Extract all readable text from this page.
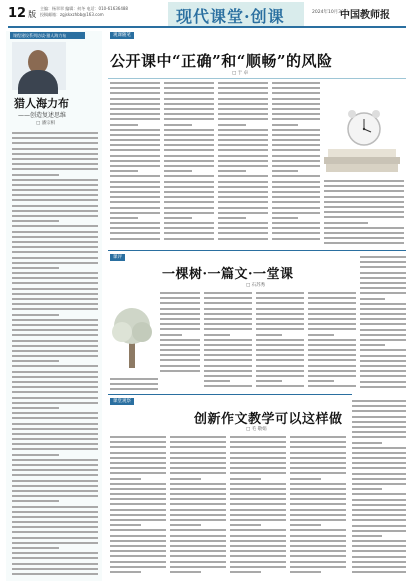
12 版
主编：杨翠翠 编辑：何冬 电话：010-61636488
投稿邮箱：zgjskxzhbb@163.com	现代课堂·创课	2024年10月30日
中国教师报
课程建设系列访谈·猎人海力布
猎人海力布
——创造复述思维
□ 潘宗相
观课随笔
公开课中“正确”和“顺畅”的风险
□ 于 卓
课评
一棵树·一篇文·一堂课
□ 石苏秀
课堂观察
创新作文教学可以这样做
□ 毛 敬娟
